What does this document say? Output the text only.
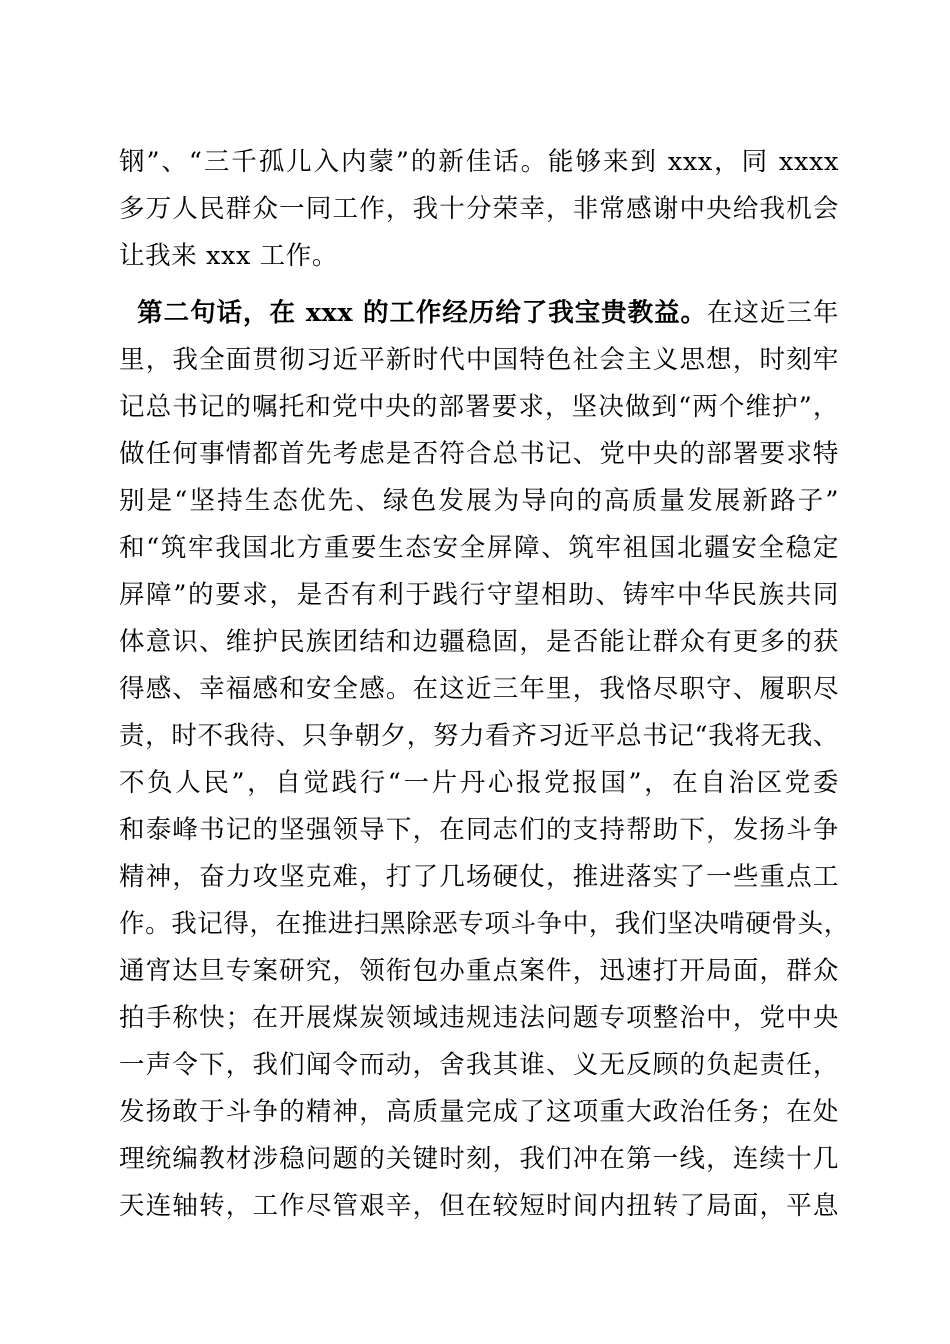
钢”、“三千孤儿入内蒙”的新佳话。能够来到 xxx，同 xxxx
多万人民群众一同工作，我十分荣幸，非常感谢中央给我机会
让我来 xxx 工作。
第二句话，在 xxx 的工作经历给了我宝贵教益。在这近三年
里，我全面贯彻习近平新时代中国特色社会主义思想，时刻牢
记总书记的嘱托和党中央的部署要求，坚决做到“两个维护”，
做任何事情都首先考虑是否符合总书记、党中央的部署要求特
别是“坚持生态优先、绿色发展为导向的高质量发展新路子”
和“筑牢我国北方重要生态安全屏障、筑牢祖国北疆安全稳定
屏障”的要求，是否有利于践行守望相助、铸牢中华民族共同
体意识、维护民族团结和边疆稳固，是否能让群众有更多的获
得感、幸福感和安全感。在这近三年里，我恪尽职守、履职尽
责，时不我待、只争朝夕，努力看齐习近平总书记“我将无我、
不负人民”，自觉践行“一片丹心报党报国”，在自治区党委
和泰峰书记的坚强领导下，在同志们的支持帮助下，发扬斗争
精神，奋力攻坚克难，打了几场硬仗，推进落实了一些重点工
作。我记得，在推进扫黑除恶专项斗争中，我们坚决啃硬骨头，
通宵达旦专案研究，领衔包办重点案件，迅速打开局面，群众
拍手称快；在开展煤炭领域违规违法问题专项整治中，党中央
一声令下，我们闻令而动，舍我其谁、义无反顾的负起责任，
发扬敢于斗争的精神，高质量完成了这项重大政治任务；在处
理统编教材涉稳问题的关键时刻，我们冲在第一线，连续十几
天连轴转，工作尽管艰辛，但在较短时间内扭转了局面，平息
